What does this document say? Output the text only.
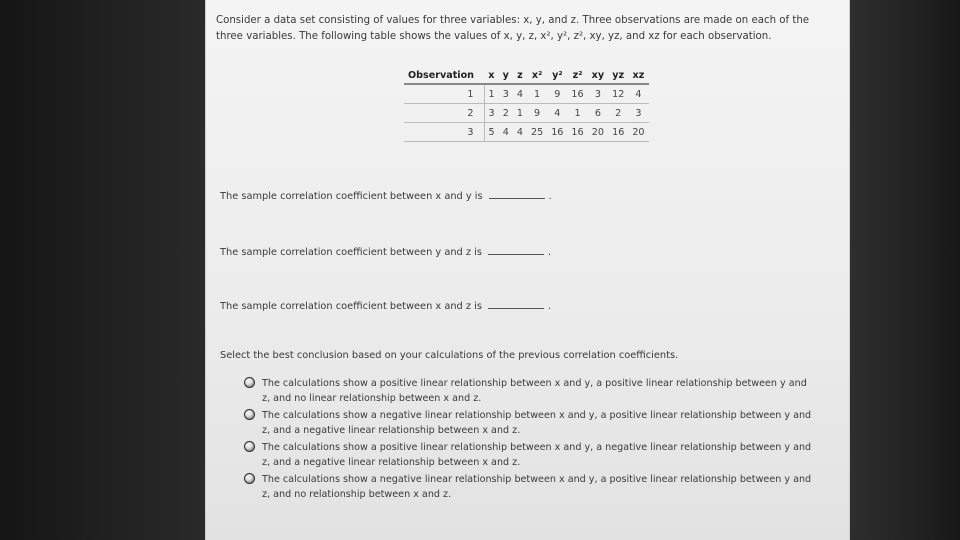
Consider a data set consisting of values for three variables: x, y, and z. Three observations are made on each of the
three variables. The following table shows the values of x, y, z, x², y², z², xy, yz, and xz for each observation.
Observation	x	y	z	x²	y²	z²	xy	yz	xz
1	1	3	4	1	9	16	3	12	4
2	3	2	1	9	4	1	6	2	3
3	5	4	4	25	16	16	20	16	20
The sample correlation coefficient between x and y is	.
The sample correlation coefficient between y and z is	.
The sample correlation coefficient between x and z is	.
Select the best conclusion based on your calculations of the previous correlation coefficients.
The calculations show a positive linear relationship between x and y, a positive linear relationship between y and
z, and no linear relationship between x and z.
The calculations show a negative linear relationship between x and y, a positive linear relationship between y and
z, and a negative linear relationship between x and z.
The calculations show a positive linear relationship between x and y, a negative linear relationship between y and
z, and a negative linear relationship between x and z.
The calculations show a negative linear relationship between x and y, a positive linear relationship between y and
z, and no relationship between x and z.
